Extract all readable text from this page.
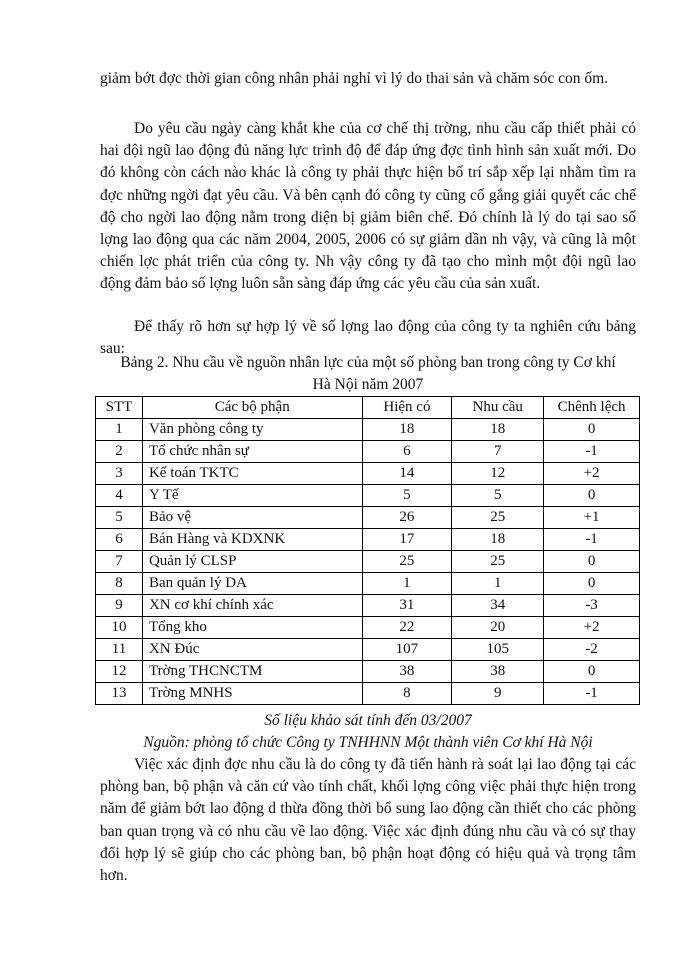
giảm bớt đợc thời gian công nhân phải nghỉ vì lý do thai sản và chăm sóc con ốm.

Do yêu cầu ngày càng khắt khe của cơ chế thị trờng, nhu cầu cấp thiết phải có hai đội ngũ lao động đủ năng lực trình độ để đáp ứng đợc tình hình sản xuất mới. Do đó không còn cách nào khác là công ty phải thực hiện bố trí sắp xếp lại nhằm tìm ra đợc những ngời đạt yêu cầu. Và bên cạnh đó công ty cũng cố gắng giải quyết các chế độ cho ngời lao động nằm trong diện bị giảm biên chế. Đó chính là lý do tại sao số lợng lao động qua các năm 2004, 2005, 2006 có sự giảm dần nh vậy, và cũng là một chiến lợc phát triển của công ty. Nh vậy công ty đã tạo cho mình một đội ngũ lao động đảm bảo số lợng luôn sẵn sàng đáp ứng các yêu cầu của sản xuất.

Để thấy rõ hơn sự hợp lý về số lợng lao động của công ty ta nghiên cứu bảng sau:

Bảng 2. Nhu cầu về nguồn nhân lực của một số phòng ban trong công ty Cơ khí
Hà Nội năm 2007
STT	Các bộ phận	Hiện có	Nhu cầu	Chênh lệch
1	Văn phòng công ty	18	18	0
2	Tổ chức nhân sự	6	7	-1
3	Kế toán TKTC	14	12	+2
4	Y Tế	5	5	0
5	Bảo vệ	26	25	+1
6	Bán Hàng và KDXNK	17	18	-1
7	Quản lý CLSP	25	25	0
8	Ban quản lý DA	1	1	0
9	XN cơ khí chính xác	31	34	-3
10	Tổng kho	22	20	+2
11	XN Đúc	107	105	-2
12	Trờng THCNCTM	38	38	0
13	Trờng MNHS	8	9	-1

Số liệu khảo sát tính đến 03/2007

Nguồn: phòng tổ chức Công ty TNHHNN Một thành viên Cơ khí Hà Nội

Việc xác định đợc nhu cầu là do công ty đã tiến hành rà soát lại lao động tại các phòng ban, bộ phận và căn cứ vào tính chất, khối lợng công việc phải thực hiện trong năm để giảm bớt lao động d thừa đồng thời bổ sung lao động cần thiết cho các phòng ban quan trọng và có nhu cầu về lao động. Việc xác định đúng nhu cầu và có sự thay đổi hợp lý sẽ giúp cho các phòng ban, bộ phận hoạt động có hiệu quả và trọng tâm hơn.
